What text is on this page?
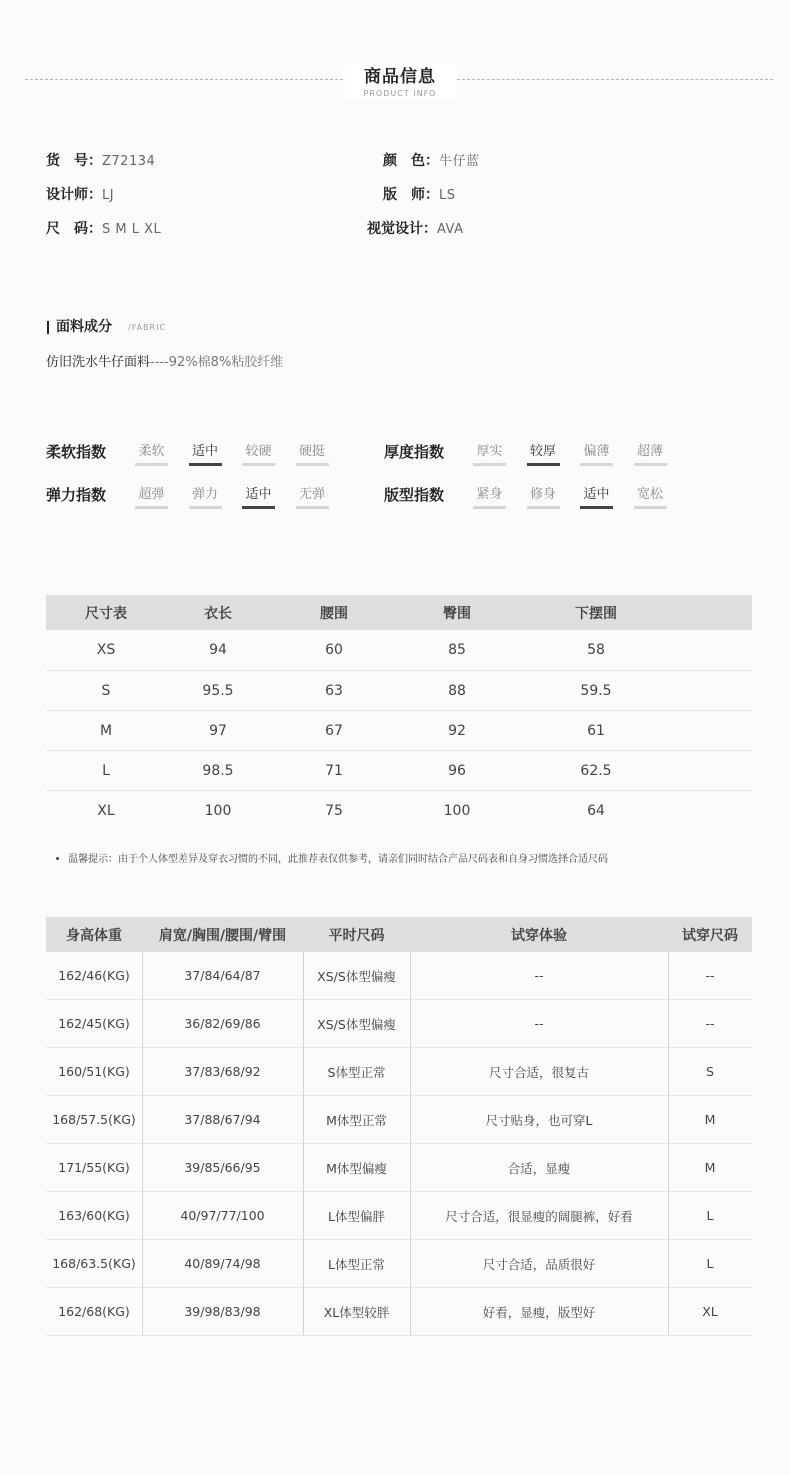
商品信息
PRODUCT INFO
货　号：Z72134	颜　色：牛仔蓝
设计师：LJ	版　师：LS
尺　码：S M L XL	视觉设计：AVA
面料成分 /FABRIC
仿旧洗水牛仔面料----92%棉8%粘胶纤维
柔软指数 柔软 适中 较硬 硬挺	厚度指数 厚实 较厚 偏薄 超薄
弹力指数 超弹 弹力 适中 无弹	版型指数 紧身 修身 适中 宽松
尺寸表	衣长	腰围	臀围	下摆围
XS	94	60	85	58
S	95.5	63	88	59.5
M	97	67	92	61
L	98.5	71	96	62.5
XL	100	75	100	64
温馨提示：由于个人体型差异及穿衣习惯的不同，此推荐表仅供参考，请亲们同时结合产品尺码表和自身习惯选择合适尺码
身高体重	肩宽/胸围/腰围/臂围	平时尺码	试穿体验	试穿尺码
162/46(KG)	37/84/64/87	XS/S体型偏瘦	--	--
162/45(KG)	36/82/69/86	XS/S体型偏瘦	--	--
160/51(KG)	37/83/68/92	S体型正常	尺寸合适，很复古	S
168/57.5(KG)	37/88/67/94	M体型正常	尺寸贴身，也可穿L	M
171/55(KG)	39/85/66/95	M体型偏瘦	合适，显瘦	M
163/60(KG)	40/97/77/100	L体型偏胖	尺寸合适，很显瘦的阔腿裤，好看	L
168/63.5(KG)	40/89/74/98	L体型正常	尺寸合适，品质很好	L
162/68(KG)	39/98/83/98	XL体型较胖	好看，显瘦，版型好	XL
